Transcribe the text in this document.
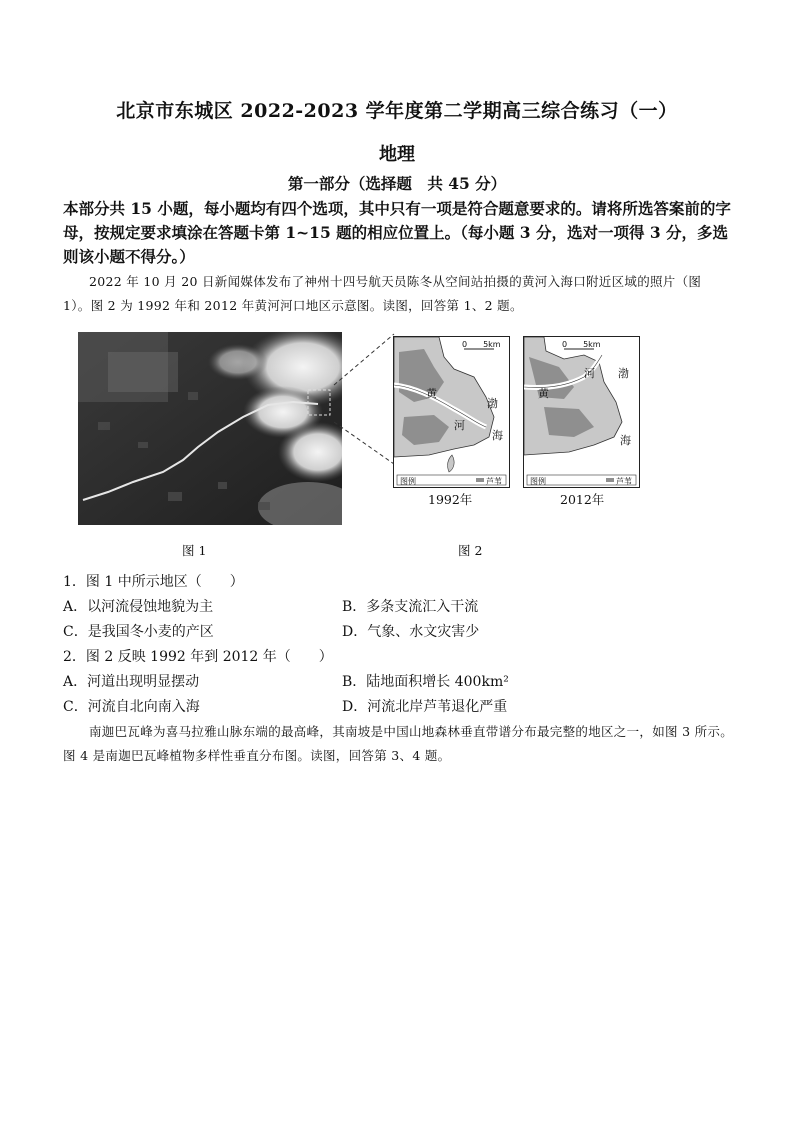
北京市东城区 2022-2023 学年度第二学期高三综合练习（一）
地理
第一部分（选择题　共 45 分）
本部分共 15 小题，每小题均有四个选项，其中只有一项是符合题意要求的。请将所选答案前的字母，按规定要求填涂在答题卡第 1~15 题的相应位置上。（每小题 3 分，选对一项得 3 分，多选则该小题不得分。）
2022 年 10 月 20 日新闻媒体发布了神州十四号航天员陈冬从空间站拍摄的黄河入海口附近区域的照片（图 1）。图 2 为 1992 年和 2012 年黄河河口地区示意图。读图，回答第 1、2 题。
0　　5km
渤
海
黄
河
图例	芦苇
1992年
0　　5km
渤
海
黄
河
图例	芦苇
2012年
图 1	图 2
1．图 1 中所示地区（　　）
A．以河流侵蚀地貌为主	B．多条支流汇入干流
C．是我国冬小麦的产区	D．气象、水文灾害少
2．图 2 反映 1992 年到 2012 年（　　）
A．河道出现明显摆动	B．陆地面积增长 400km²
C．河流自北向南入海	D．河流北岸芦苇退化严重
南迦巴瓦峰为喜马拉雅山脉东端的最高峰，其南坡是中国山地森林垂直带谱分布最完整的地区之一，如图 3 所示。图 4 是南迦巴瓦峰植物多样性垂直分布图。读图，回答第 3、4 题。
